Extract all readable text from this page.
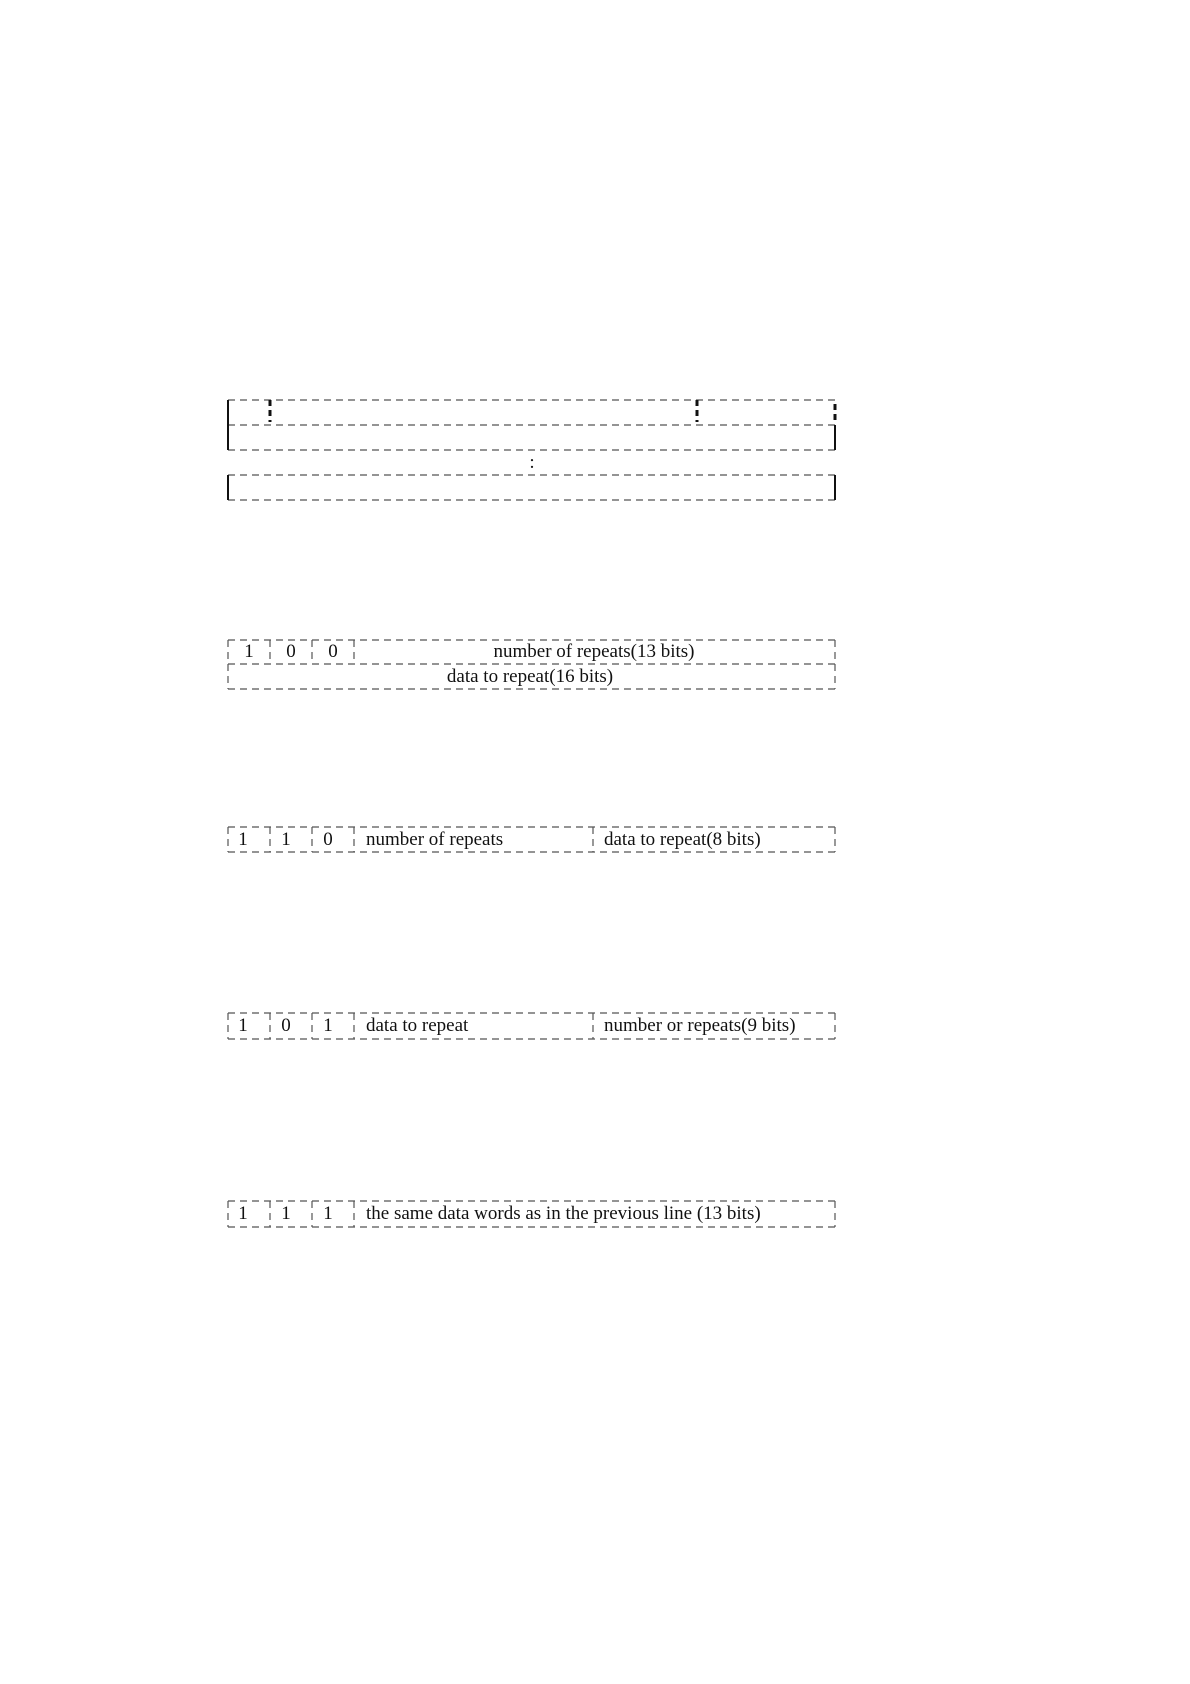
:
1 0 0	number of repeats(13 bits)
data to repeat(16 bits)
1 1 0 number of repeats	data to repeat(8 bits)
1 0 1 data to repeat	number or repeats(9 bits)
1 1 1 the same data words as in the previous line (13 bits)
